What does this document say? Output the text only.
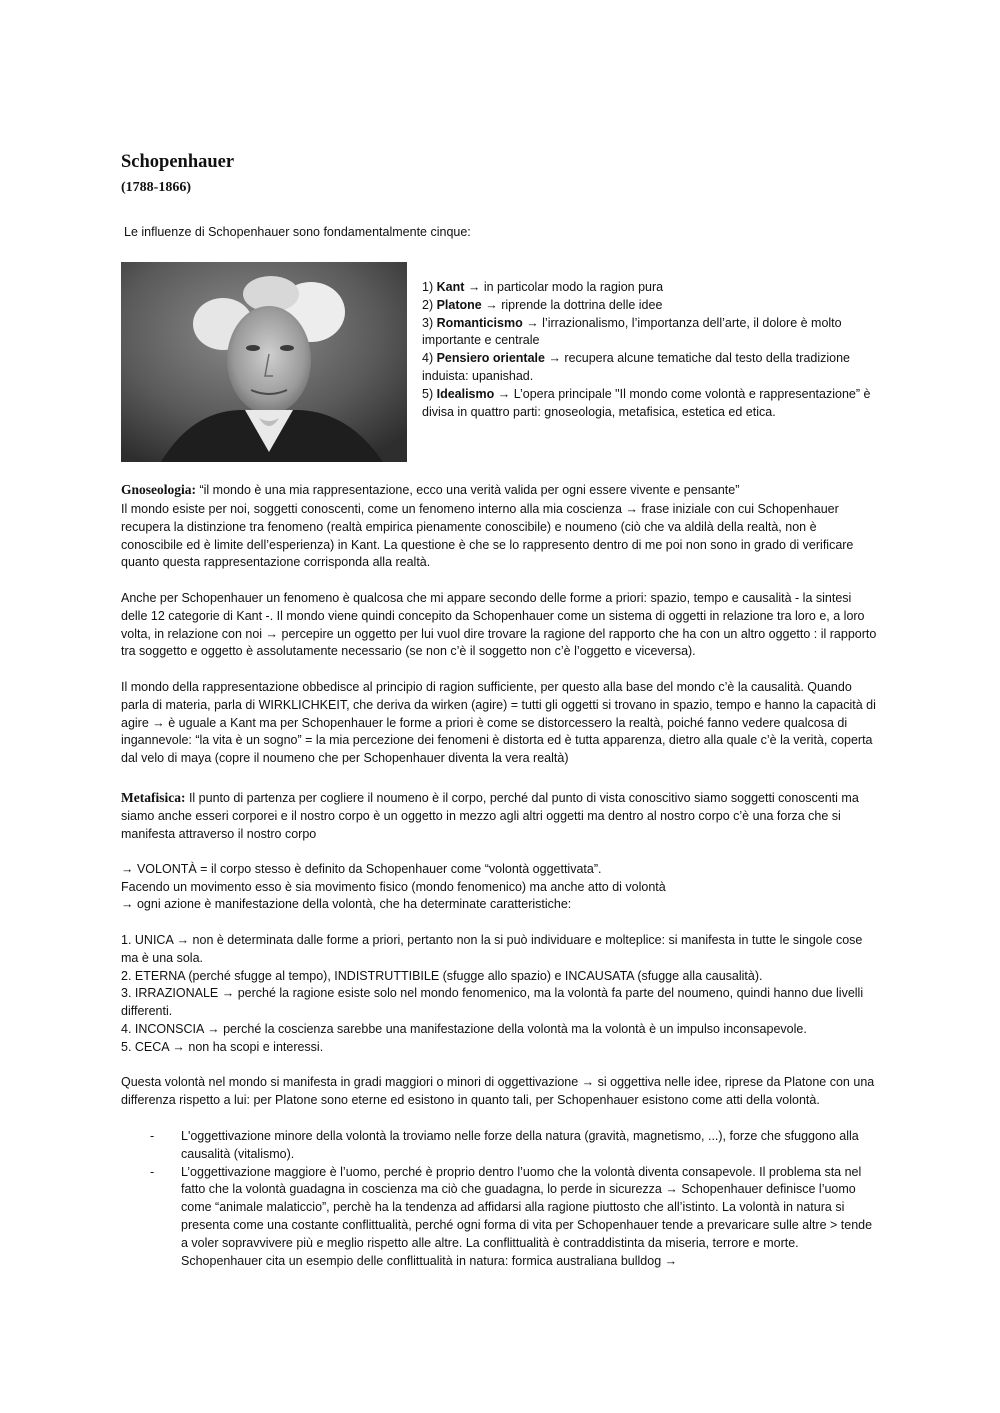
Schopenhauer
(1788-1866)

Le influenze di Schopenhauer sono fondamentalmente cinque:

1) Kant → in particolar modo la ragion pura

2) Platone → riprende la dottrina delle idee

3) Romanticismo → l’irrazionalismo, l’importanza dell’arte, il dolore è molto importante e centrale

4) Pensiero orientale → recupera alcune tematiche dal testo della tradizione induista: upanishad.

5) Idealismo → L’opera principale "Il mondo come volontà e rappresentazione” è divisa in quattro parti: gnoseologia, metafisica, estetica ed etica.

Gnoseologia: “il mondo è una mia rappresentazione, ecco una verità valida per ogni essere vivente e pensante”

Il mondo esiste per noi, soggetti conoscenti, come un fenomeno interno alla mia coscienza → frase iniziale con cui Schopenhauer recupera la distinzione tra fenomeno (realtà empirica pienamente conoscibile) e noumeno (ciò che va aldilà della realtà, non è conoscibile ed è limite dell’esperienza) in Kant. La questione è che se lo rappresento dentro di me poi non sono in grado di verificare quanto questa rappresentazione corrisponda alla realtà.

Anche per Schopenhauer un fenomeno è qualcosa che mi appare secondo delle forme a priori: spazio, tempo e causalità - la sintesi delle 12 categorie di Kant -. Il mondo viene quindi concepito da Schopenhauer come un sistema di oggetti in relazione tra loro e, a loro volta, in relazione con noi → percepire un oggetto per lui vuol dire trovare la ragione del rapporto che ha con un altro oggetto : il rapporto tra soggetto e oggetto è assolutamente necessario (se non c’è il soggetto non c’è l’oggetto e viceversa).

Il mondo della rappresentazione obbedisce al principio di ragion sufficiente, per questo alla base del mondo c’è la causalità. Quando parla di materia, parla di WIRKLICHKEIT, che deriva da wirken (agire) = tutti gli oggetti si trovano in spazio, tempo e hanno la capacità di agire → è uguale a Kant ma per Schopenhauer le forme a priori è come se distorcessero la realtà, poiché fanno vedere qualcosa di ingannevole: “la vita è un sogno” = la mia percezione dei fenomeni è distorta ed è tutta apparenza, dietro alla quale c’è la verità, coperta dal velo di maya (copre il noumeno che per Schopenhauer diventa la vera realtà)

Metafisica: Il punto di partenza per cogliere il noumeno è il corpo, perché dal punto di vista conoscitivo siamo soggetti conoscenti ma siamo anche esseri corporei e il nostro corpo è un oggetto in mezzo agli altri oggetti ma dentro al nostro corpo c’è una forza che si manifesta attraverso il nostro corpo

→ VOLONTÀ = il corpo stesso è definito da Schopenhauer come “volontà oggettivata”.

Facendo un movimento esso è sia movimento fisico (mondo fenomenico) ma anche atto di volontà

→ ogni azione è manifestazione della volontà, che ha determinate caratteristiche:

1. UNICA → non è determinata dalle forme a priori, pertanto non la si può individuare e molteplice: si manifesta in tutte le singole cose ma è una sola.
2. ETERNA (perché sfugge al tempo), INDISTRUTTIBILE (sfugge allo spazio) e INCAUSATA (sfugge alla causalità).
3. IRRAZIONALE → perché la ragione esiste solo nel mondo fenomenico, ma la volontà fa parte del noumeno, quindi hanno due livelli differenti.
4. INCONSCIA → perché la coscienza sarebbe una manifestazione della volontà ma la volontà è un impulso inconsapevole.
5. CECA → non ha scopi e interessi.

Questa volontà nel mondo si manifesta in gradi maggiori o minori di oggettivazione → si oggettiva nelle idee, riprese da Platone con una differenza rispetto a lui: per Platone sono eterne ed esistono in quanto tali, per Schopenhauer esistono come atti della volontà.

- L'oggettivazione minore della volontà la troviamo nelle forze della natura (gravità, magnetismo, ...), forze che sfuggono alla causalità (vitalismo).
- L’oggettivazione maggiore è l’uomo, perché è proprio dentro l’uomo che la volontà diventa consapevole. Il problema sta nel fatto che la volontà guadagna in coscienza ma ciò che guadagna, lo perde in sicurezza → Schopenhauer definisce l’uomo come “animale malaticcio”, perchè ha la tendenza ad affidarsi alla ragione piuttosto che all’istinto. La volontà in natura si presenta come una costante conflittualità, perché ogni forma di vita per Schopenhauer tende a prevaricare sulle altre > tende a voler sopravvivere più e meglio rispetto alle altre. La conflittualità è contraddistinta da miseria, terrore e morte. Schopenhauer cita un esempio delle conflittualità in natura: formica australiana bulldog →
